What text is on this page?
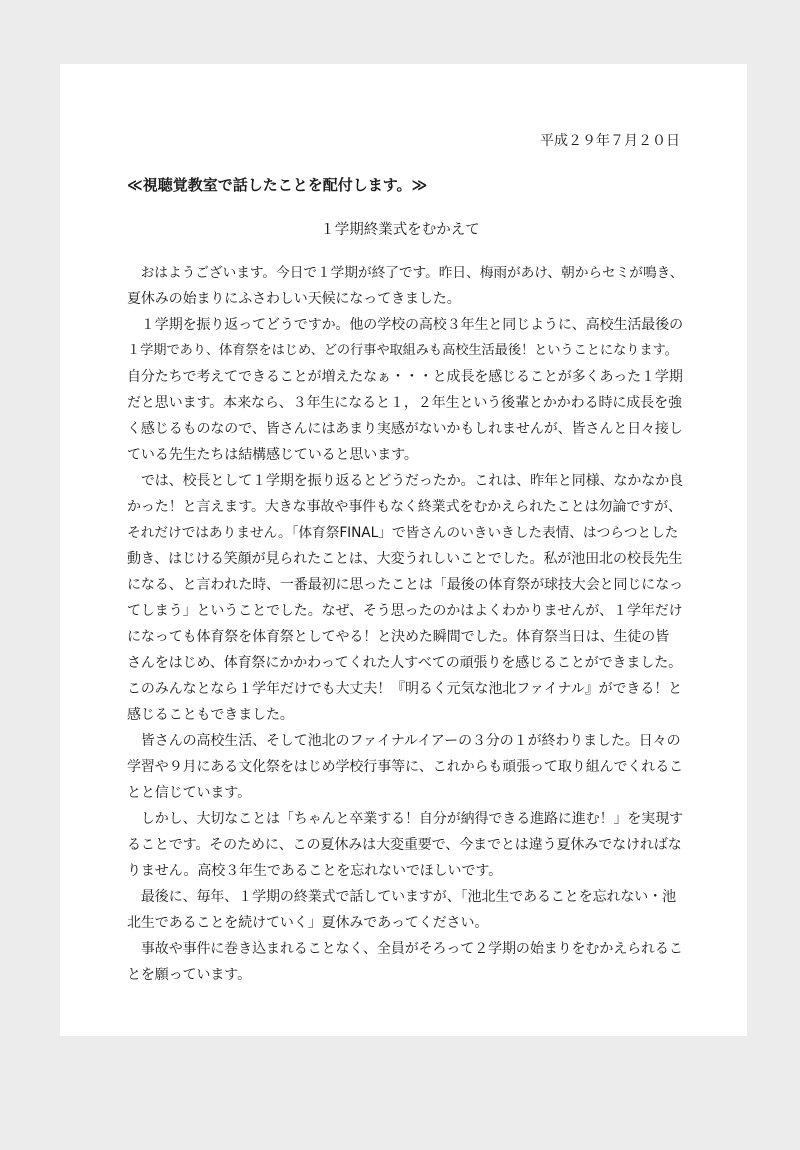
平成２９年７月２０日
≪視聴覚教室で話したことを配付します。≫
１学期終業式をむかえて
　おはようございます。今日で１学期が終了です。昨日、梅雨があけ、朝からセミが鳴き、
夏休みの始まりにふさわしい天候になってきました。
　１学期を振り返ってどうですか。他の学校の高校３年生と同じように、高校生活最後の
１学期であり、体育祭をはじめ、どの行事や取組みも高校生活最後！ということになります。
自分たちで考えてできることが増えたなぁ・・・と成長を感じることが多くあった１学期
だと思います。本来なら、３年生になると１，２年生という後輩とかかわる時に成長を強
く感じるものなので、皆さんにはあまり実感がないかもしれませんが、皆さんと日々接し
ている先生たちは結構感じていると思います。
　では、校長として１学期を振り返るとどうだったか。これは、昨年と同様、なかなか良
かった！と言えます。大きな事故や事件もなく終業式をむかえられたことは勿論ですが、
それだけではありません。「体育祭FINAL」で皆さんのいきいきした表情、はつらつとした
動き、はじける笑顔が見られたことは、大変うれしいことでした。私が池田北の校長先生
になる、と言われた時、一番最初に思ったことは「最後の体育祭が球技大会と同じになっ
てしまう」ということでした。なぜ、そう思ったのかはよくわかりませんが、１学年だけ
になっても体育祭を体育祭としてやる！と決めた瞬間でした。体育祭当日は、生徒の皆
さんをはじめ、体育祭にかかわってくれた人すべての頑張りを感じることができました。
このみんなとなら１学年だけでも大丈夫！『明るく元気な池北ファイナル』ができる！と
感じることもできました。
　皆さんの高校生活、そして池北のファイナルイアーの３分の１が終わりました。日々の
学習や９月にある文化祭をはじめ学校行事等に、これからも頑張って取り組んでくれるこ
とと信じています。
　しかし、大切なことは「ちゃんと卒業する！自分が納得できる進路に進む！」を実現す
ることです。そのために、この夏休みは大変重要で、今までとは違う夏休みでなければな
りません。高校３年生であることを忘れないでほしいです。
　最後に、毎年、１学期の終業式で話していますが、「池北生であることを忘れない・池
北生であることを続けていく」夏休みであってください。
　事故や事件に巻き込まれることなく、全員がそろって２学期の始まりをむかえられるこ
とを願っています。
